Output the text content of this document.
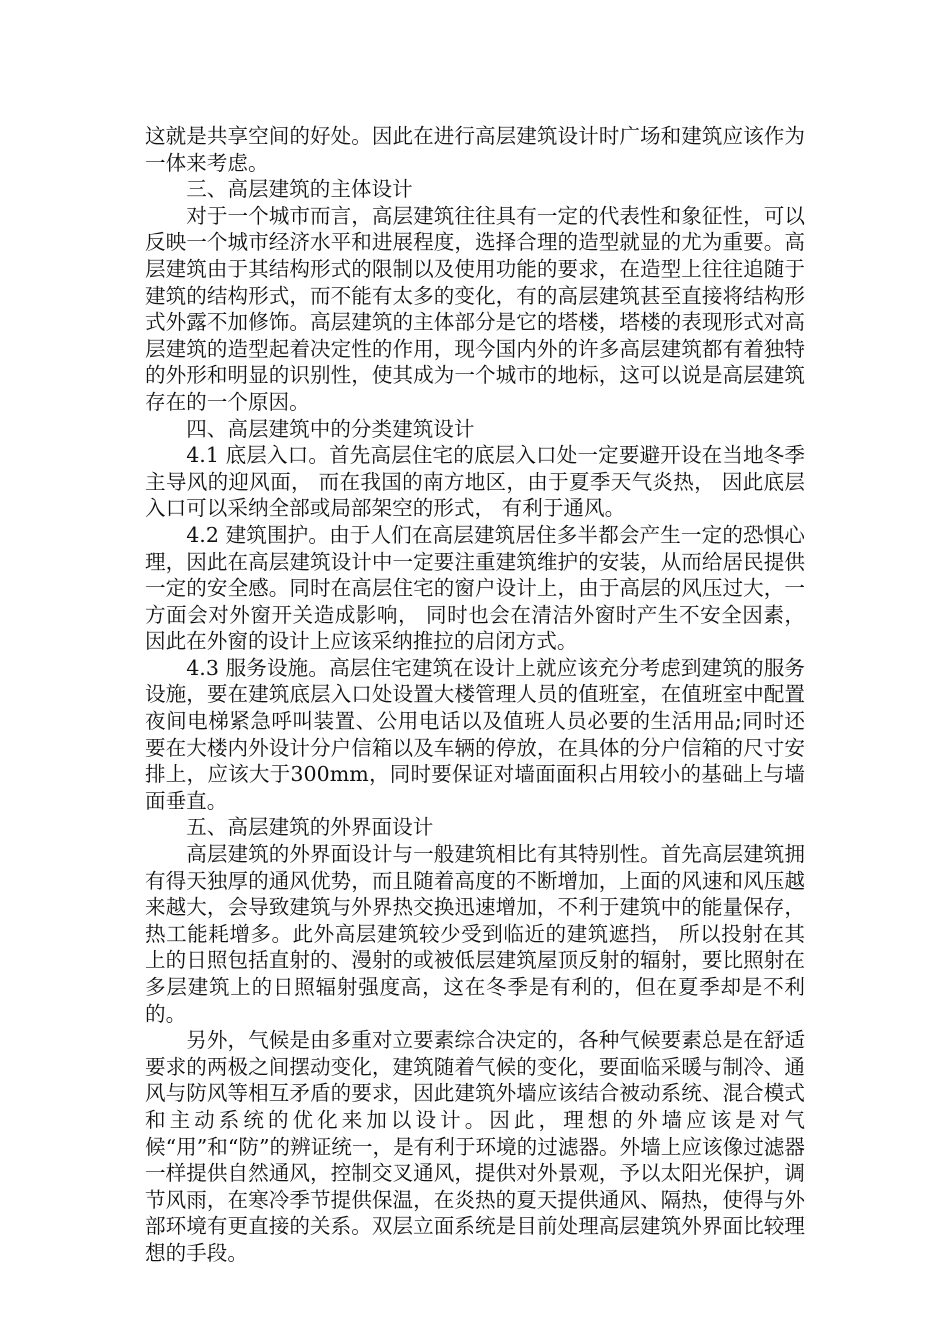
这就是共享空间的好处。因此在进行高层建筑设计时广场和建筑应该作为一体来考虑。

三、高层建筑的主体设计

对于一个城市而言，高层建筑往往具有一定的代表性和象征性，可以反映一个城市经济水平和进展程度，选择合理的造型就显的尤为重要。高层建筑由于其结构形式的限制以及使用功能的要求，在造型上往往追随于建筑的结构形式，而不能有太多的变化，有的高层建筑甚至直接将结构形式外露不加修饰。高层建筑的主体部分是它的塔楼，塔楼的表现形式对高层建筑的造型起着决定性的作用，现今国内外的许多高层建筑都有着独特的外形和明显的识别性，使其成为一个城市的地标，这可以说是高层建筑存在的一个原因。

四、高层建筑中的分类建筑设计

4.1 底层入口。首先高层住宅的底层入口处一定要避开设在当地冬季主导风的迎风面， 而在我国的南方地区，由于夏季天气炎热， 因此底层入口可以采纳全部或局部架空的形式， 有利于通风。

4.2 建筑围护。由于人们在高层建筑居住多半都会产生一定的恐惧心理，因此在高层建筑设计中一定要注重建筑维护的安装，从而给居民提供一定的安全感。同时在高层住宅的窗户设计上，由于高层的风压过大，一方面会对外窗开关造成影响， 同时也会在清洁外窗时产生不安全因素，因此在外窗的设计上应该采纳推拉的启闭方式。

4.3 服务设施。高层住宅建筑在设计上就应该充分考虑到建筑的服务设施，要在建筑底层入口处设置大楼管理人员的值班室，在值班室中配置夜间电梯紧急呼叫装置、公用电话以及值班人员必要的生活用品;同时还要在大楼内外设计分户信箱以及车辆的停放，在具体的分户信箱的尺寸安排上，应该大于300mm，同时要保证对墙面面积占用较小的基础上与墙面垂直。

五、高层建筑的外界面设计

高层建筑的外界面设计与一般建筑相比有其特别性。首先高层建筑拥有得天独厚的通风优势，而且随着高度的不断增加，上面的风速和风压越来越大，会导致建筑与外界热交换迅速增加，不利于建筑中的能量保存，热工能耗增多。此外高层建筑较少受到临近的建筑遮挡， 所以投射在其上的日照包括直射的、漫射的或被低层建筑屋顶反射的辐射，要比照射在多层建筑上的日照辐射强度高，这在冬季是有利的，但在夏季却是不利的。

另外，气候是由多重对立要素综合决定的，各种气候要素总是在舒适要求的两极之间摆动变化，建筑随着气候的变化，要面临采暖与制冷、通风与防风等相互矛盾的要求，因此建筑外墙应该结合被动系统、混合模式和主动系统的优化来加以设计。因此，理想的外墙应该是对气候“用”和“防”的辨证统一，是有利于环境的过滤器。外墙上应该像过滤器一样提供自然通风，控制交叉通风，提供对外景观，予以太阳光保护，调节风雨，在寒冷季节提供保温，在炎热的夏天提供通风、隔热，使得与外部环境有更直接的关系。双层立面系统是目前处理高层建筑外界面比较理想的手段。
